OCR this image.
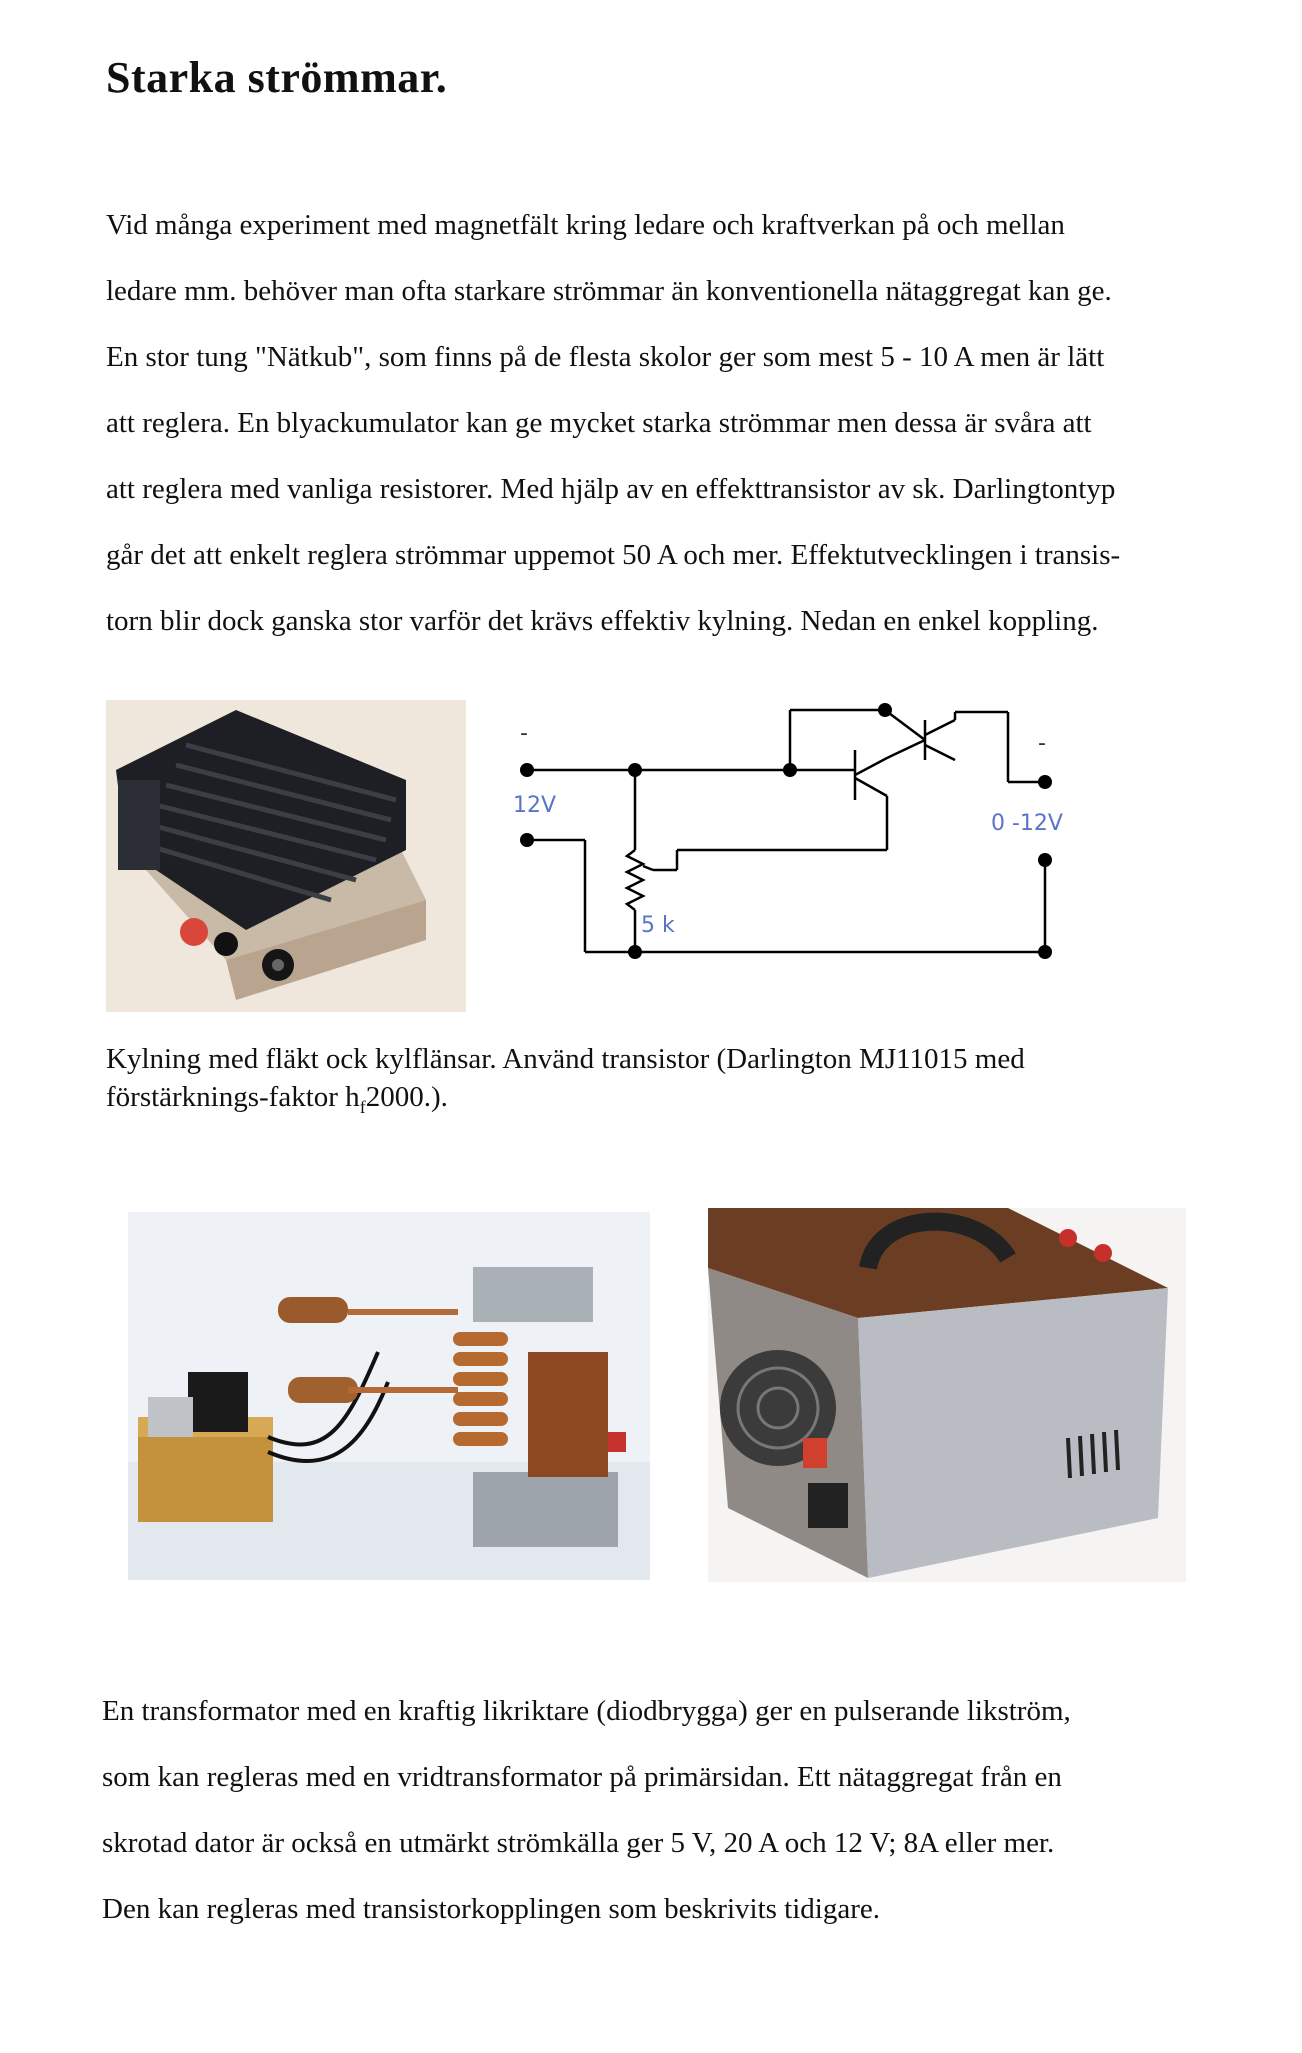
Starka strömmar.

Vid många experiment med magnetfält kring ledare och kraftverkan på och mellan

ledare mm. behöver man ofta starkare strömmar än konventionella nätaggregat kan ge.

En stor tung "Nätkub", som finns på de flesta skolor ger som mest 5 - 10 A men är lätt

att reglera. En blyackumulator kan ge mycket starka strömmar men dessa är svåra att

att reglera med vanliga resistorer. Med hjälp av en effekttransistor av sk. Darlingtontyp

går det att enkelt reglera strömmar uppemot 50 A och mer. Effektutvecklingen i transis-

torn blir dock ganska stor varför det krävs effektiv kylning. Nedan en enkel koppling.

-
12V
-
0 -12V
5 k

Kylning med fläkt ock kylflänsar. Använd transistor (Darlington MJ11015 med

förstärknings-faktor $h_f2000$.).

En transformator med en kraftig likriktare (diodbrygga) ger en pulserande likström,

som kan regleras med en vridtransformator på primärsidan. Ett nätaggregat från en

skrotad dator är också en utmärkt strömkälla ger 5 V, 20 A och 12 V; 8A eller mer.

Den kan regleras med transistorkopplingen som beskrivits tidigare.
